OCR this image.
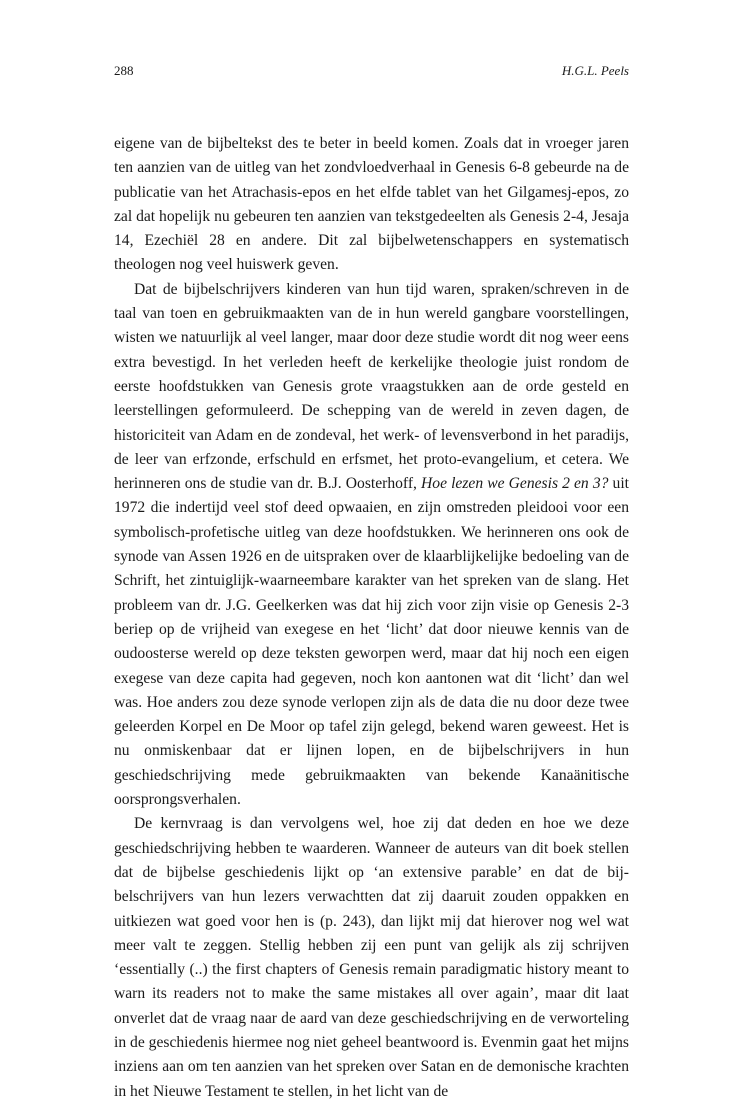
288	H.G.L. Peels

eigene van de bijbeltekst des te beter in beeld komen. Zoals dat in vroeger jaren ten aanzien van de uitleg van het zondvloedverhaal in Genesis 6-8 gebeurde na de publicatie van het Atrachasis-epos en het elfde tablet van het Gilgamesj-epos, zo zal dat hopelijk nu gebeuren ten aanzien van tekstgedeelten als Genesis 2-4, Jesaja 14, Ezechiël 28 en andere. Dit zal bijbelwetenschappers en systematisch theologen nog veel huiswerk geven.

Dat de bijbelschrijvers kinderen van hun tijd waren, spraken/schreven in de taal van toen en gebruikmaakten van de in hun wereld gangbare voorstellingen, wisten we natuurlijk al veel langer, maar door deze studie wordt dit nog weer eens extra bevestigd. In het verleden heeft de kerkelijke theologie juist rondom de eerste hoofdstukken van Genesis grote vraagstukken aan de orde gesteld en leerstellingen geformuleerd. De schepping van de wereld in zeven dagen, de historiciteit van Adam en de zondeval, het werk- of levensverbond in het paradijs, de leer van erfzonde, erfschuld en erfsmet, het proto-evangelium, et cetera. We herinneren ons de studie van dr. B.J. Oosterhoff, Hoe lezen we Genesis 2 en 3? uit 1972 die indertijd veel stof deed opwaaien, en zijn omstreden pleidooi voor een symbolisch-profetische uitleg van deze hoofdstukken. We herinneren ons ook de synode van Assen 1926 en de uitspraken over de klaarblijkelijke bedoeling van de Schrift, het zintuiglijk-waarneembare karakter van het spreken van de slang. Het probleem van dr. J.G. Geelkerken was dat hij zich voor zijn visie op Genesis 2-3 beriep op de vrijheid van exegese en het ‘licht’ dat door nieuwe kennis van de oudoosterse wereld op deze teksten geworpen werd, maar dat hij noch een eigen exegese van deze capita had gegeven, noch kon aantonen wat dit ‘licht’ dan wel was. Hoe anders zou deze synode verlopen zijn als de data die nu door deze twee geleerden Korpel en De Moor op tafel zijn gelegd, bekend waren geweest. Het is nu onmiskenbaar dat er lijnen lopen, en de bijbelschrijvers in hun geschiedschrijving mede gebruikmaakten van bekende Kanaänitische oorsprongsverhalen.

De kernvraag is dan vervolgens wel, hoe zij dat deden en hoe we deze geschiedschrijving hebben te waarderen. Wanneer de auteurs van dit boek stellen dat de bijbelse geschiedenis lijkt op ‘an extensive parable’ en dat de bijbelschrijvers van hun lezers verwachtten dat zij daaruit zouden oppakken en uitkiezen wat goed voor hen is (p. 243), dan lijkt mij dat hierover nog wel wat meer valt te zeggen. Stellig hebben zij een punt van gelijk als zij schrijven ‘essentially (..) the first chapters of Genesis remain paradigmatic history meant to warn its readers not to make the same mistakes all over again’, maar dit laat onverlet dat de vraag naar de aard van deze geschiedschrijving en de verworteling in de geschiedenis hiermee nog niet geheel beantwoord is. Evenmin gaat het mijns inziens aan om ten aanzien van het spreken over Satan en de demonische krachten in het Nieuwe Testament te stellen, in het licht van de
